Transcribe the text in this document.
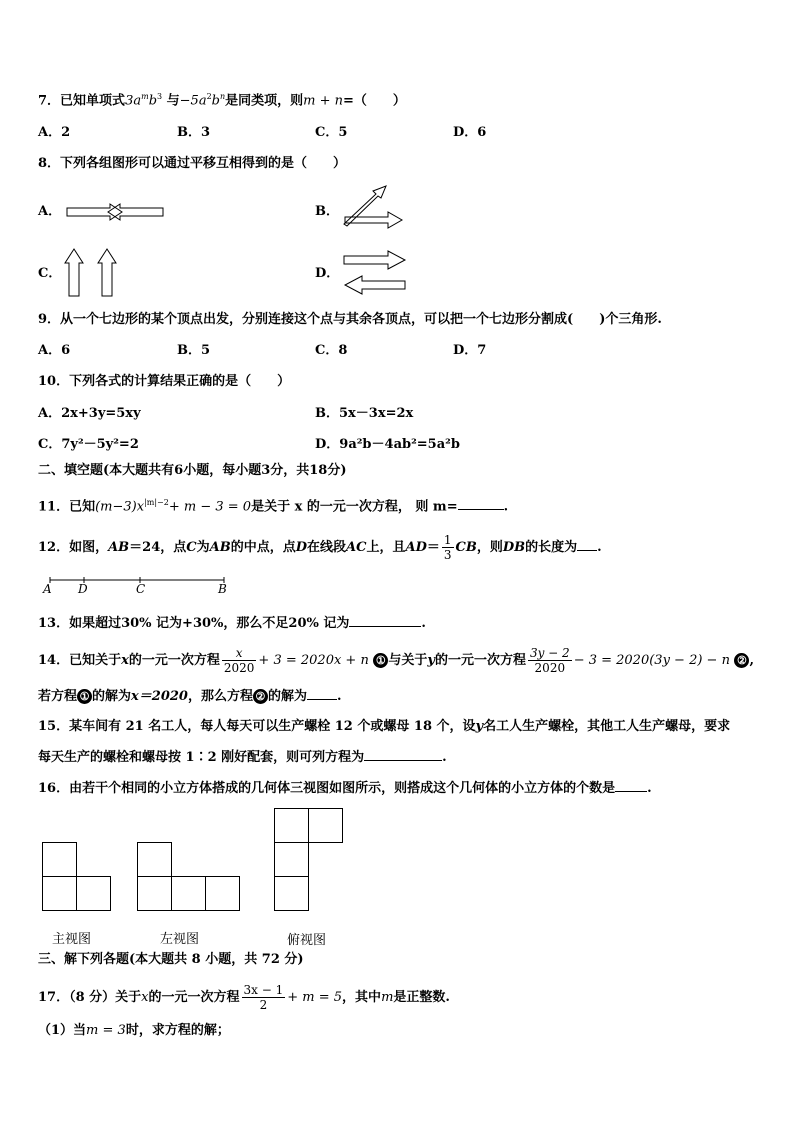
7．已知单项式$3a^mb^3$ 与$-5a^2b^n$是同类项，则m + n=（　　）
A．2	B．3	C．5	D．6
8．下列各组图形可以通过平移互相得到的是（　　）
A．	B．
C．	D．
9．从一个七边形的某个顶点出发，分别连接这个点与其余各顶点，可以把一个七边形分割成(　　)个三角形.
A．6	B．5	C．8	D．7
10．下列各式的计算结果正确的是（　　）
A．2x+3y=5xy	B．5x－3x=2x
C．7y²－5y²=2	D．9a²b－4ab²=5a²b
二、填空题(本大题共有6小题，每小题3分，共18分)
11．已知$(m-3)x^{|m|-2}+ m - 3 = 0$是关于 x 的一元一次方程， 则 m=	.
12．如图，AB＝24，点C为AB的中点，点D在线段AC上，且$AD= \frac{1}{3}$ CB，则DB的长度为 .
A D	C	B
13．如果超过30% 记为+30%，那么不足20% 记为	.
14．已知关于x的一元一次方程 $\frac{x}{2020} + 3 = 2020x + n$ ① 与关于y的一元一次方程 $\frac{3y - 2}{2020} - 3 = 2020(3y - 2) - n$ ② ,
若方程 ① 的解为x＝2020，那么方程 ② 的解为 .
15．某车间有 21 名工人，每人每天可以生产螺栓 12 个或螺母 18 个，设y名工人生产螺栓，其他工人生产螺母，要求
每天生产的螺栓和螺母按 1∶2 刚好配套，则可列方程为	.
16．由若干个相同的小立方体搭成的几何体三视图如图所示，则搭成这个几何体的小立方体的个数是 .
主视图	左视图	俯视图
三、解下列各题(本大题共 8 小题，共 72 分)
17．（8 分）关于x的一元一次方程 $\frac{3x - 1}{2} + m = 5$，其中m是正整数.
（1）当m = 3时，求方程的解；
